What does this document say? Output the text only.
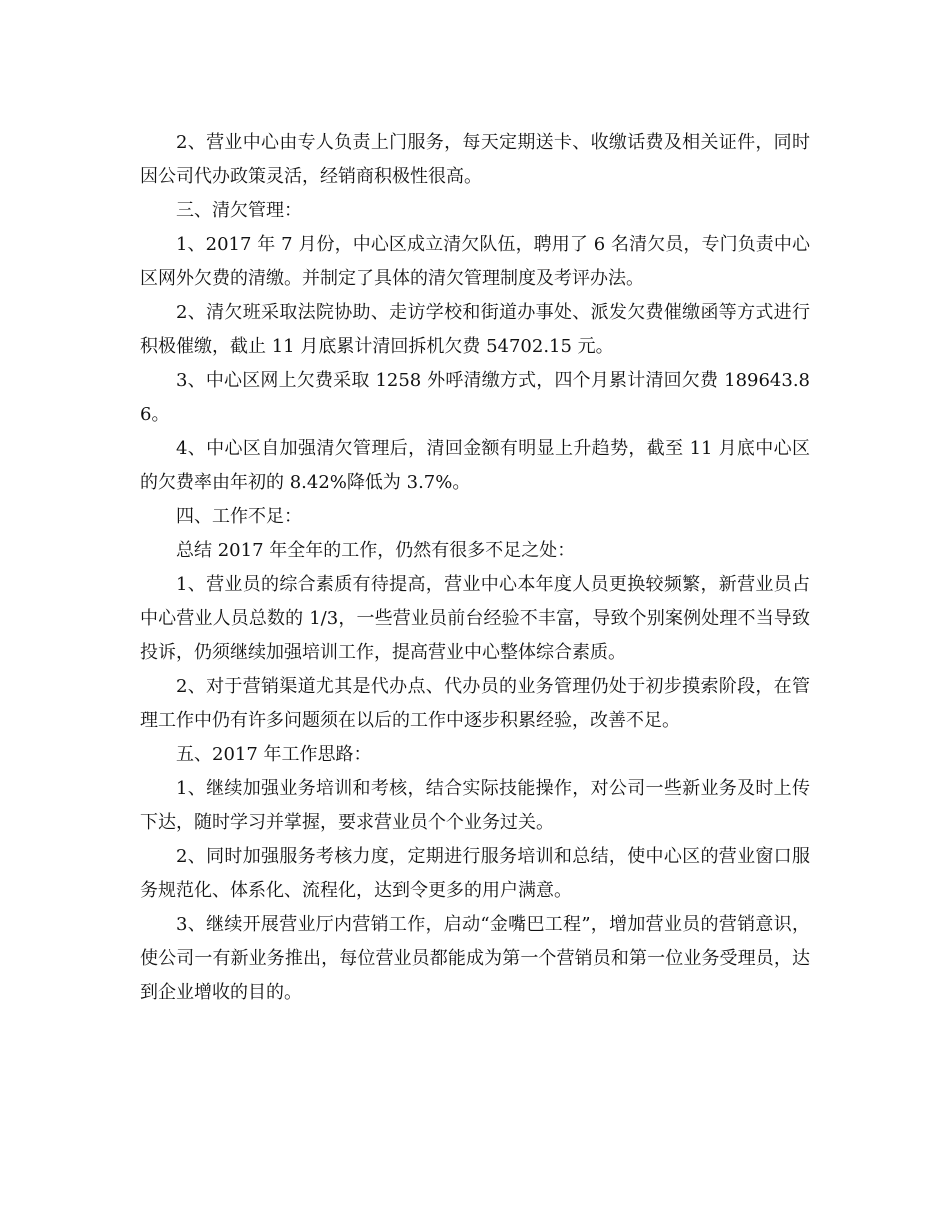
2、营业中心由专人负责上门服务，每天定期送卡、收缴话费及相关证件，同时因公司代办政策灵活，经销商积极性很高。

三、清欠管理：

1、2017 年 7 月份，中心区成立清欠队伍，聘用了 6 名清欠员，专门负责中心区网外欠费的清缴。并制定了具体的清欠管理制度及考评办法。

2、清欠班采取法院协助、走访学校和街道办事处、派发欠费催缴函等方式进行积极催缴，截止 11 月底累计清回拆机欠费 54702.15 元。

3、中心区网上欠费采取 1258 外呼清缴方式，四个月累计清回欠费 189643.86。

4、中心区自加强清欠管理后，清回金额有明显上升趋势，截至 11 月底中心区的欠费率由年初的 8.42%降低为 3.7%。

四、工作不足：

总结 2017 年全年的工作，仍然有很多不足之处：

1、营业员的综合素质有待提高，营业中心本年度人员更换较频繁，新营业员占中心营业人员总数的 1/3，一些营业员前台经验不丰富，导致个别案例处理不当导致投诉，仍须继续加强培训工作，提高营业中心整体综合素质。

2、对于营销渠道尤其是代办点、代办员的业务管理仍处于初步摸索阶段，在管理工作中仍有许多问题须在以后的工作中逐步积累经验，改善不足。

五、2017 年工作思路：

1、继续加强业务培训和考核，结合实际技能操作，对公司一些新业务及时上传下达，随时学习并掌握，要求营业员个个业务过关。

2、同时加强服务考核力度，定期进行服务培训和总结，使中心区的营业窗口服务规范化、体系化、流程化，达到令更多的用户满意。

3、继续开展营业厅内营销工作，启动“金嘴巴工程”，增加营业员的营销意识，使公司一有新业务推出，每位营业员都能成为第一个营销员和第一位业务受理员，达到企业增收的目的。
